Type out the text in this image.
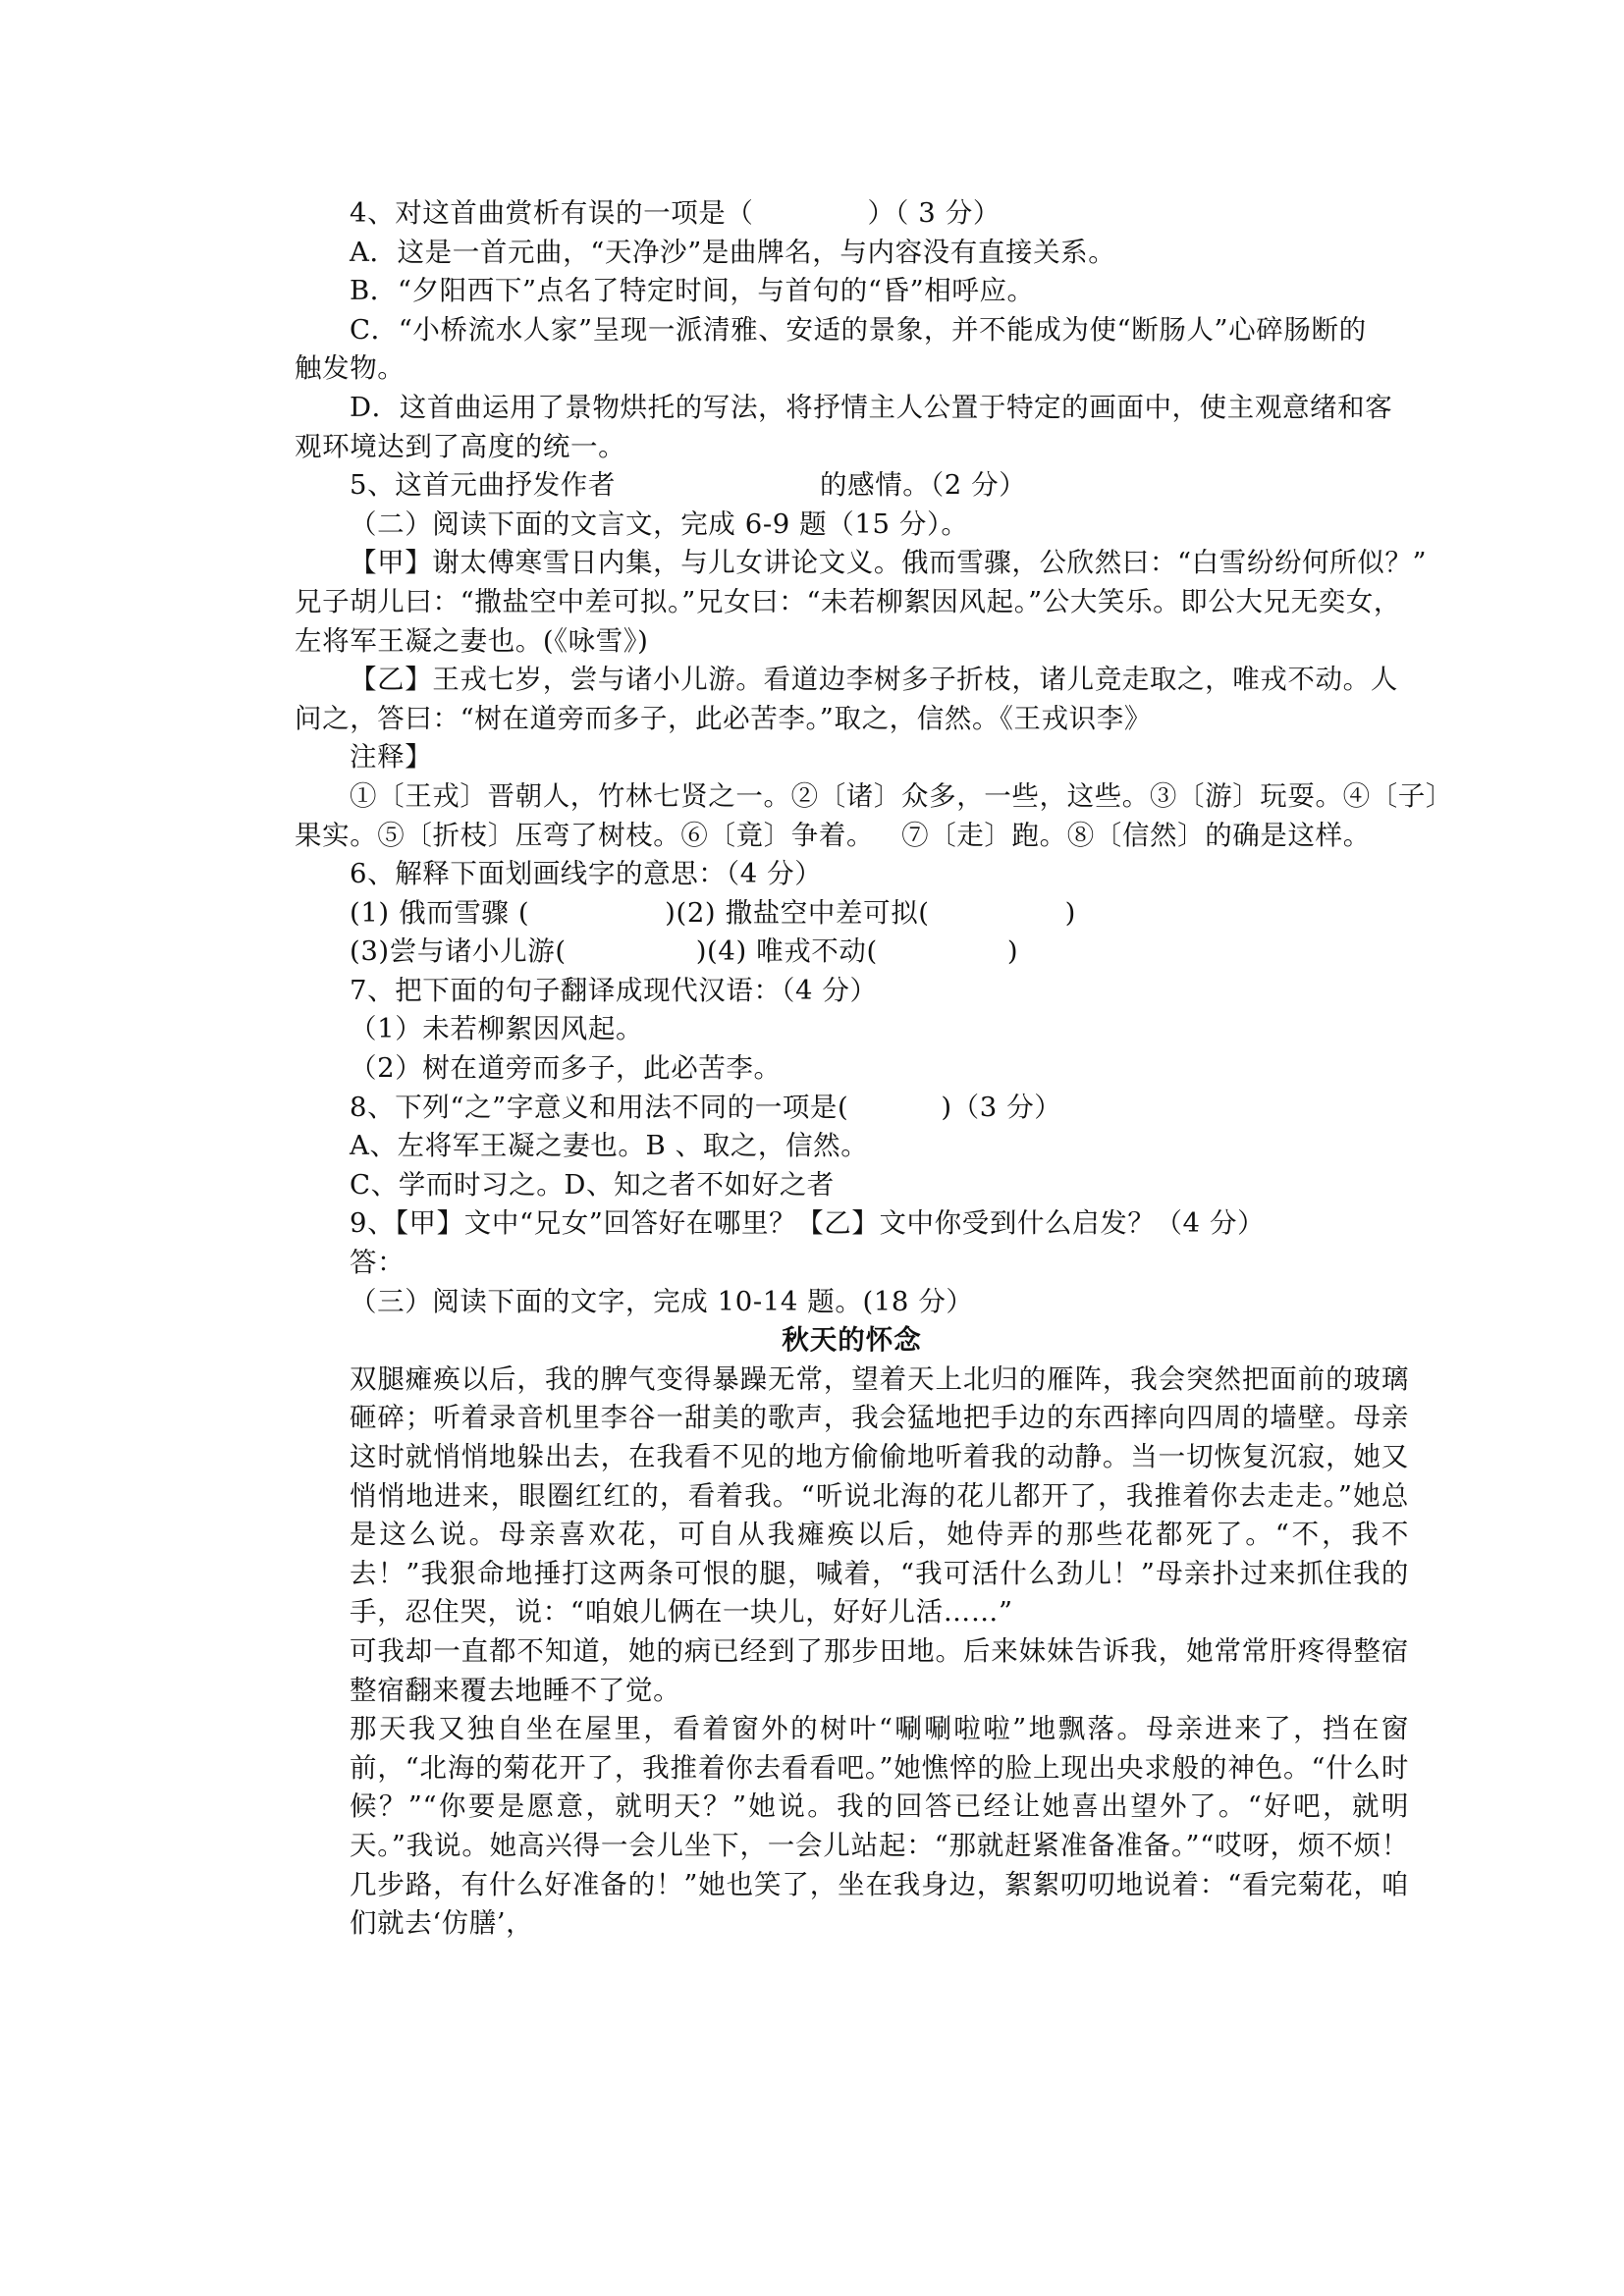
4、对这首曲赏析有误的一项是（	）（ 3 分）

A．这是一首元曲，“天净沙”是曲牌名，与内容没有直接关系。

B．“夕阳西下”点名了特定时间，与首句的“昏”相呼应。

C．“小桥流水人家”呈现一派清雅、安适的景象，并不能成为使“断肠人”心碎肠断的

触发物。

D．这首曲运用了景物烘托的写法，将抒情主人公置于特定的画面中，使主观意绪和客

观环境达到了高度的统一。

5、这首元曲抒发作者	的感情。（2 分）

（二）阅读下面的文言文，完成 6-9 题（15 分）。

【甲】谢太傅寒雪日内集，与儿女讲论文义。俄而雪骤，公欣然曰：“白雪纷纷何所似？”

兄子胡儿曰：“撒盐空中差可拟。”兄女曰：“未若柳絮因风起。”公大笑乐。即公大兄无奕女，

左将军王凝之妻也。(《咏雪》)

【乙】王戎七岁，尝与诸小儿游。看道边李树多子折枝，诸儿竞走取之，唯戎不动。人

问之，答曰：“树在道旁而多子，此必苦李。”取之，信然。《王戎识李》

注释】

①〔王戎〕晋朝人，竹林七贤之一。②〔诸〕众多，一些，这些。③〔游〕玩耍。④〔子〕

果实。⑤〔折枝〕压弯了树枝。⑥〔竟〕争着。 ⑦〔走〕跑。⑧〔信然〕的确是这样。

6、解释下面划画线字的意思：（4 分）

(1) 俄而雪骤 (	)(2) 撒盐空中差可拟(	)

(3)尝与诸小儿游(	)(4) 唯戎不动(	)

7、把下面的句子翻译成现代汉语：（4 分）

（1）未若柳絮因风起。

（2）树在道旁而多子，此必苦李。

8、下列“之”字意义和用法不同的一项是(	)（3 分）

A、左将军王凝之妻也。B 、取之，信然。

C、学而时习之。D、知之者不如好之者

9、【甲】文中“兄女”回答好在哪里？【乙】文中你受到什么启发？（4 分）

答：

（三）阅读下面的文字，完成 10-14 题。(18 分）

秋天的怀念

双腿瘫痪以后，我的脾气变得暴躁无常，望着天上北归的雁阵，我会突然把面前的玻璃砸碎；听着录音机里李谷一甜美的歌声，我会猛地把手边的东西摔向四周的墙壁。母亲这时就悄悄地躲出去，在我看不见的地方偷偷地听着我的动静。当一切恢复沉寂，她又悄悄地进来，眼圈红红的，看着我。“听说北海的花儿都开了，我推着你去走走。”她总是这么说。母亲喜欢花，可自从我瘫痪以后，她侍弄的那些花都死了。“不，我不去！”我狠命地捶打这两条可恨的腿，喊着，“我可活什么劲儿！”母亲扑过来抓住我的手，忍住哭，说：“咱娘儿俩在一块儿，好好儿活……”

可我却一直都不知道，她的病已经到了那步田地。后来妹妹告诉我，她常常肝疼得整宿整宿翻来覆去地睡不了觉。

那天我又独自坐在屋里，看着窗外的树叶“唰唰啦啦”地飘落。母亲进来了，挡在窗前，“北海的菊花开了，我推着你去看看吧。”她憔悴的脸上现出央求般的神色。“什么时候？”“你要是愿意，就明天？”她说。我的回答已经让她喜出望外了。“好吧，就明天。”我说。她高兴得一会儿坐下，一会儿站起：“那就赶紧准备准备。”“哎呀，烦不烦！几步路，有什么好准备的！”她也笑了，坐在我身边，絮絮叨叨地说着：“看完菊花，咱们就去‘仿膳’，
